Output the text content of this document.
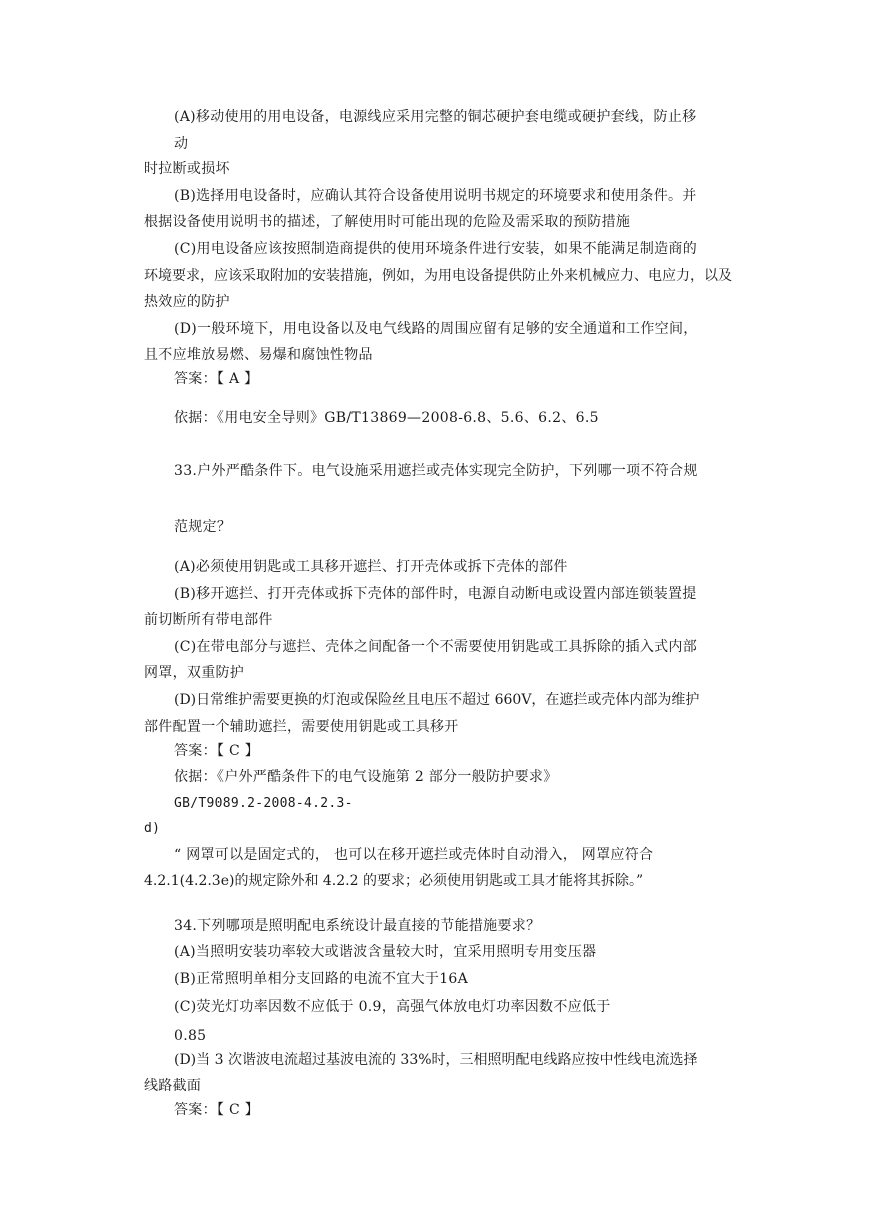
(A)移动使用的用电设备，电源线应采用完整的铜芯硬护套电缆或硬护套线，防止移
动
时拉断或损坏
(B)选择用电设备时，应确认其符合设备使用说明书规定的环境要求和使用条件。并
根据设备使用说明书的描述，了解使用时可能出现的危险及需采取的预防措施
(C)用电设备应该按照制造商提供的使用环境条件进行安装，如果不能满足制造商的
环境要求，应该采取附加的安装措施，例如，为用电设备提供防止外来机械应力、电应力，以及
热效应的防护
(D)一般环境下，用电设备以及电气线路的周围应留有足够的安全通道和工作空间，
且不应堆放易燃、易爆和腐蚀性物品
答案：【 A 】
依据：《用电安全导则》GB/T13869—2008-6.8、5.6、6.2、6.5
33.户外严酷条件下。电气设施采用遮拦或壳体实现完全防护，下列哪一项不符合规
范规定？
(A)必须使用钥匙或工具移开遮拦、打开壳体或拆下壳体的部件
(B)移开遮拦、打开壳体或拆下壳体的部件时，电源自动断电或设置内部连锁装置提
前切断所有带电部件
(C)在带电部分与遮拦、壳体之间配备一个不需要使用钥匙或工具拆除的插入式内部
网罩，双重防护
(D)日常维护需要更换的灯泡或保险丝且电压不超过 660V，在遮拦或壳体内部为维护
部件配置一个辅助遮拦，需要使用钥匙或工具移开
答案：【 C 】
依据：《户外严酷条件下的电气设施第 2 部分一般防护要求》
GB/T9089.2-2008-4.2.3-
d)
“ 网罩可以是固定式的， 也可以在移开遮拦或壳体时自动滑入， 网罩应符合
4.2.1(4.2.3e)的规定除外和 4.2.2 的要求；必须使用钥匙或工具才能将其拆除。”
34.下列哪项是照明配电系统设计最直接的节能措施要求？
(A)当照明安装功率较大或谐波含量较大时，宜采用照明专用变压器
(B)正常照明单相分支回路的电流不宜大于16A
(C)荧光灯功率因数不应低于 0.9，高强气体放电灯功率因数不应低于
0.85
(D)当 3 次谐波电流超过基波电流的 33%时，三相照明配电线路应按中性线电流选择
线路截面
答案：【 C 】
